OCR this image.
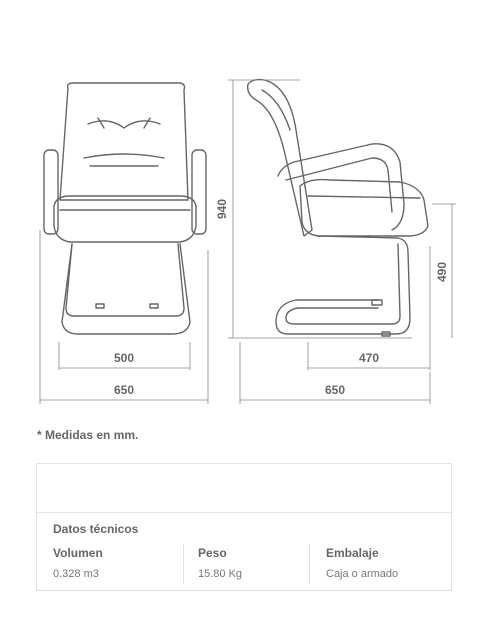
500
650
940
490
470
650
* Medidas en mm.
Datos técnicos
Volumen
0.328 m3
Peso
15.80 Kg
Embalaje
Caja o armado
